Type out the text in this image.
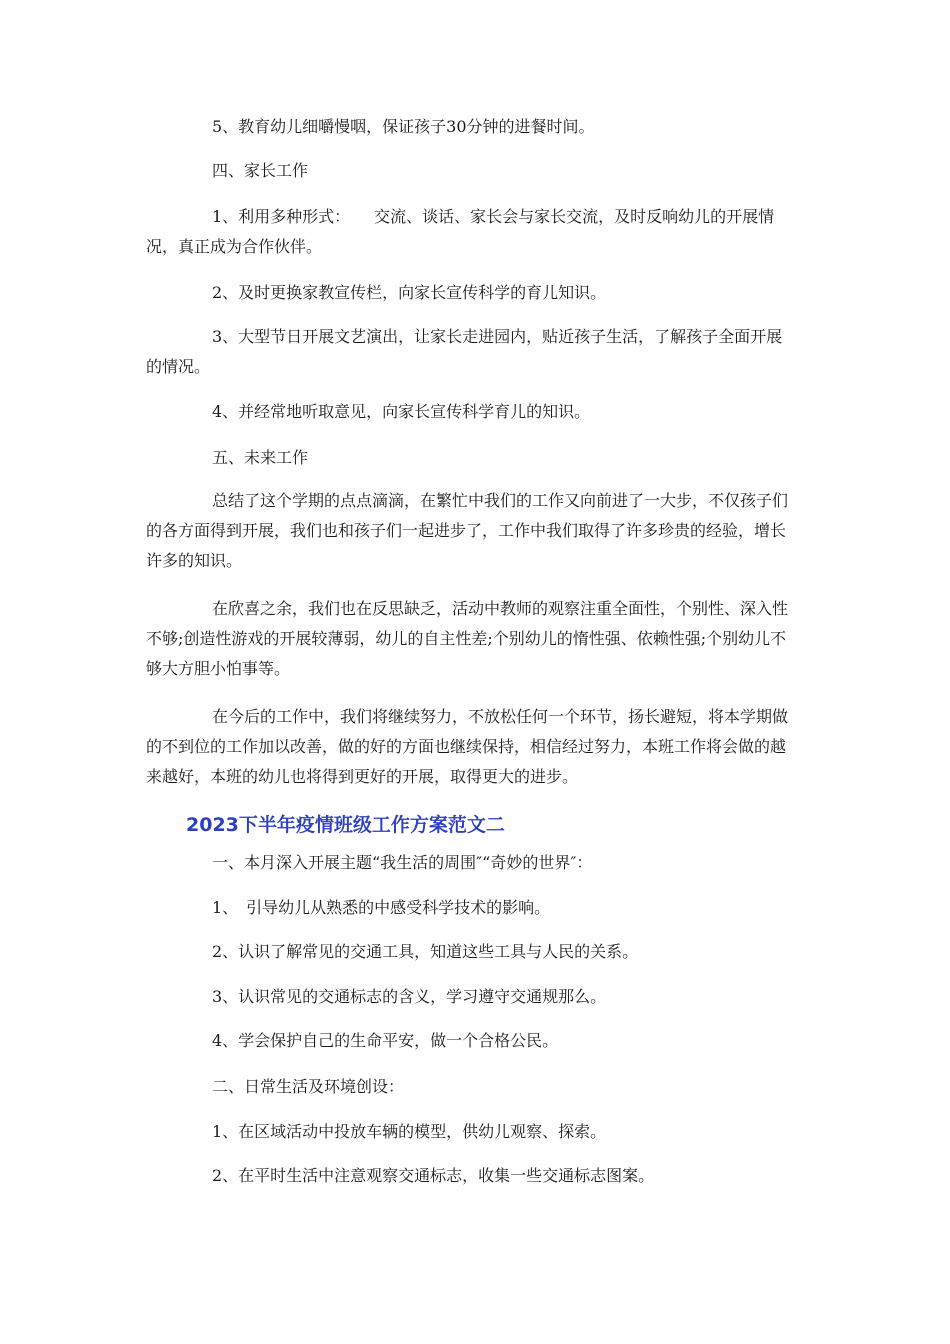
5、教育幼儿细嚼慢咽，保证孩子30分钟的进餐时间。

四、家长工作

1、利用多种形式：　　交流、谈话、家长会与家长交流，及时反响幼儿的开展情况，真正成为合作伙伴。

2、及时更换家教宣传栏，向家长宣传科学的育儿知识。

3、大型节日开展文艺演出，让家长走进园内，贴近孩子生活，了解孩子全面开展的情况。

4、并经常地听取意见，向家长宣传科学育儿的知识。

五、未来工作

总结了这个学期的点点滴滴，在繁忙中我们的工作又向前进了一大步，不仅孩子们的各方面得到开展，我们也和孩子们一起进步了，工作中我们取得了许多珍贵的经验，增长许多的知识。

在欣喜之余，我们也在反思缺乏，活动中教师的观察注重全面性，个别性、深入性不够;创造性游戏的开展较薄弱，幼儿的自主性差;个别幼儿的惰性强、依赖性强;个别幼儿不够大方胆小怕事等。

在今后的工作中，我们将继续努力，不放松任何一个环节，扬长避短，将本学期做的不到位的工作加以改善，做的好的方面也继续保持，相信经过努力，本班工作将会做的越来越好，本班的幼儿也将得到更好的开展，取得更大的进步。

2023下半年疫情班级工作方案范文二

一、本月深入开展主题“我生活的周围″“奇妙的世界″：

1、　引导幼儿从熟悉的中感受科学技术的影响。

2、认识了解常见的交通工具，知道这些工具与人民的关系。

3、认识常见的交通标志的含义，学习遵守交通规那么。

4、学会保护自己的生命平安，做一个合格公民。

二、日常生活及环境创设：

1、在区域活动中投放车辆的模型，供幼儿观察、探索。

2、在平时生活中注意观察交通标志，收集一些交通标志图案。
